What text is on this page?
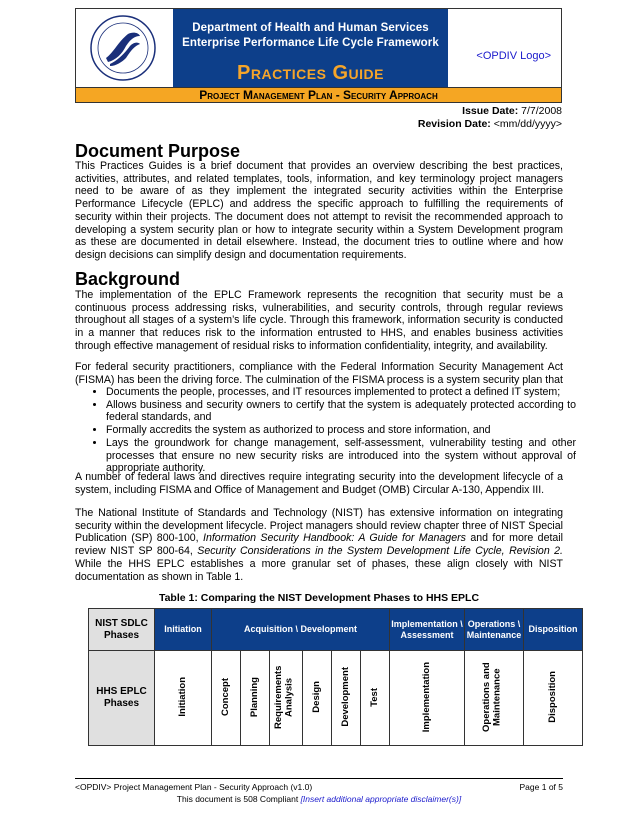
Department of Health and Human Services
Enterprise Performance Life Cycle Framework
Practices Guide
<OPDIV Logo>
Project Management Plan - Security Approach
Issue Date: 7/7/2008
Revision Date: <mm/dd/yyyy>
Document Purpose

This Practices Guides is a brief document that provides an overview describing the best practices, activities, attributes, and related templates, tools, information, and key terminology project managers need to be aware of as they implement the integrated security activities within the Enterprise Performance Lifecycle (EPLC) and address the specific approach to fulfilling the requirements of security within their projects. The document does not attempt to revisit the recommended approach to developing a system security plan or how to integrate security within a System Development program as these are documented in detail elsewhere. Instead, the document tries to outline where and how design decisions can simplify design and documentation requirements.

Background

The implementation of the EPLC Framework represents the recognition that security must be a continuous process addressing risks, vulnerabilities, and security controls, through regular reviews throughout all stages of a system’s life cycle. Through this framework, information security is conducted in a manner that reduces risk to the information entrusted to HHS, and enables business activities through effective management of residual risks to information confidentiality, integrity, and availability.

For federal security practitioners, compliance with the Federal Information Security Management Act (FISMA) has been the driving force. The culmination of the FISMA process is a system security plan that

• Documents the people, processes, and IT resources implemented to protect a defined IT system;
• Allows business and security owners to certify that the system is adequately protected according to federal standards, and
• Formally accredits the system as authorized to process and store information, and
• Lays the groundwork for change management, self-assessment, vulnerability testing and other processes that ensure no new security risks are introduced into the system without approval of appropriate authority.

A number of federal laws and directives require integrating security into the development lifecycle of a system, including FISMA and Office of Management and Budget (OMB) Circular A-130, Appendix III.

The National Institute of Standards and Technology (NIST) has extensive information on integrating security within the development lifecycle. Project managers should review chapter three of NIST Special Publication (SP) 800-100, Information Security Handbook: A Guide for Managers and for more detail review NIST SP 800-64, Security Considerations in the System Development Life Cycle, Revision 2. While the HHS EPLC establishes a more granular set of phases, these align closely with NIST documentation as shown in Table 1.

Table 1: Comparing the NIST Development Phases to HHS EPLC
NIST SDLC Phases	Initiation	Acquisition \ Development						Implementation \ Assessment	Operations \ Maintenance	Disposition
HHS EPLC Phases	Initiation	Concept	Planning	Requirements Analysis	Design	Development	Test	Implementation	Operations and Maintenance	Disposition
<OPDIV> Project Management Plan - Security Approach (v1.0)	Page 1 of 5
This document is 508 Compliant [Insert additional appropriate disclaimer(s)]
